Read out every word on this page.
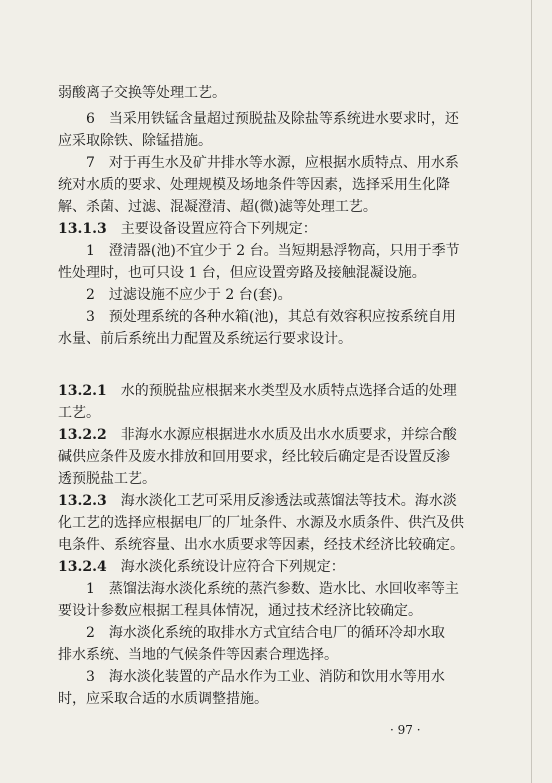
弱酸离子交换等处理工艺。
6　当采用铁锰含量超过预脱盐及除盐等系统进水要求时，还
应采取除铁、除锰措施。
7　对于再生水及矿井排水等水源，应根据水质特点、用水系
统对水质的要求、处理规模及场地条件等因素，选择采用生化降
解、杀菌、过滤、混凝澄清、超(微)滤等处理工艺。
13.1.3　 主要设备设置应符合下列规定：
1　澄清器(池)不宜少于 2 台。当短期悬浮物高，只用于季节
性处理时，也可只设 1 台，但应设置旁路及接触混凝设施。
2　过滤设施不应少于 2 台(套)。
3　预处理系统的各种水箱(池)，其总有效容积应按系统自用
水量、前后系统出力配置及系统运行要求设计。
13.2.1　 水的预脱盐应根据来水类型及水质特点选择合适的处理
工艺。
13.2.2　 非海水水源应根据进水水质及出水水质要求，并综合酸
碱供应条件及废水排放和回用要求，经比较后确定是否设置反渗
透预脱盐工艺。
13.2.3　 海水淡化工艺可采用反渗透法或蒸馏法等技术。海水淡
化工艺的选择应根据电厂的厂址条件、水源及水质条件、供汽及供
电条件、系统容量、出水水质要求等因素，经技术经济比较确定。
13.2.4　 海水淡化系统设计应符合下列规定：
1　蒸馏法海水淡化系统的蒸汽参数、造水比、水回收率等主
要设计参数应根据工程具体情况，通过技术经济比较确定。
2　海水淡化系统的取排水方式宜结合电厂的循环冷却水取
排水系统、当地的气候条件等因素合理选择。
3　海水淡化装置的产品水作为工业、消防和饮用水等用水
时，应采取合适的水质调整措施。
· 97 ·
